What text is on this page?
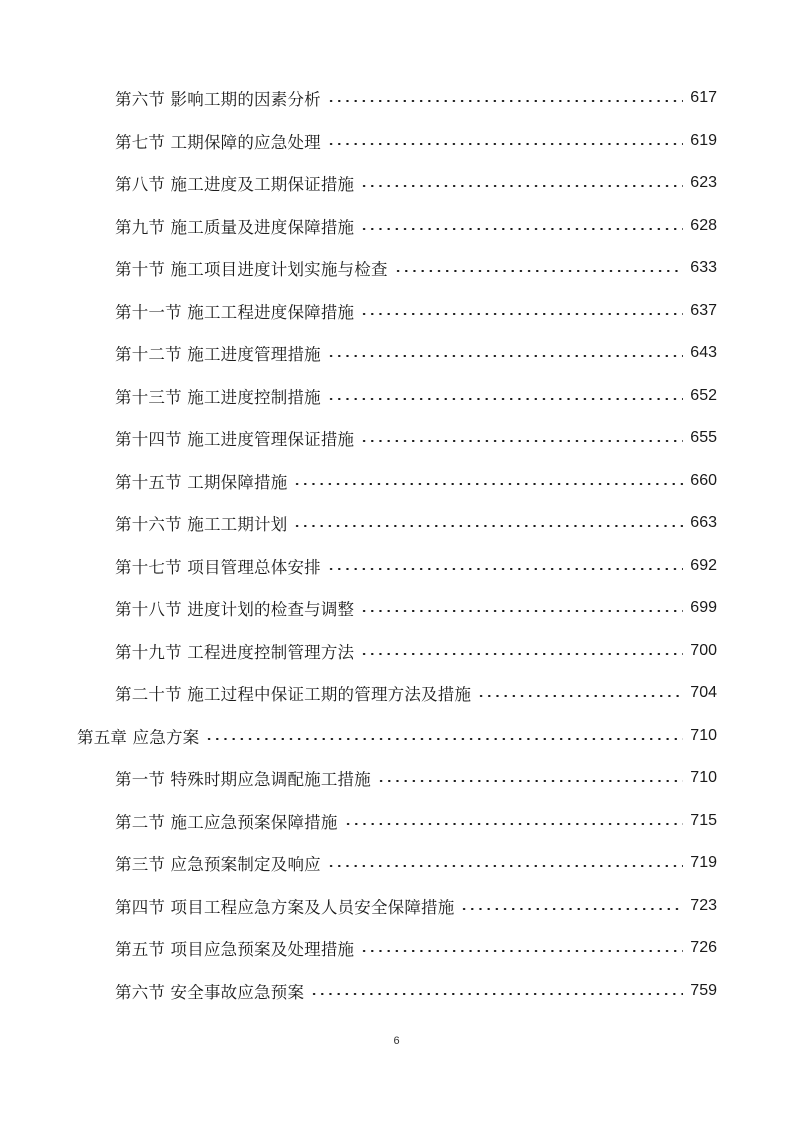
第六节 影响工期的因素分析	617
第七节 工期保障的应急处理	619
第八节 施工进度及工期保证措施	623
第九节 施工质量及进度保障措施	628
第十节 施工项目进度计划实施与检查	633
第十一节 施工工程进度保障措施	637
第十二节 施工进度管理措施	643
第十三节 施工进度控制措施	652
第十四节 施工进度管理保证措施	655
第十五节 工期保障措施	660
第十六节 施工工期计划	663
第十七节 项目管理总体安排	692
第十八节 进度计划的检查与调整	699
第十九节 工程进度控制管理方法	700
第二十节 施工过程中保证工期的管理方法及措施	704
第五章 应急方案	710
第一节 特殊时期应急调配施工措施	710
第二节 施工应急预案保障措施	715
第三节 应急预案制定及响应	719
第四节 项目工程应急方案及人员安全保障措施	723
第五节 项目应急预案及处理措施	726
第六节 安全事故应急预案	759
6
